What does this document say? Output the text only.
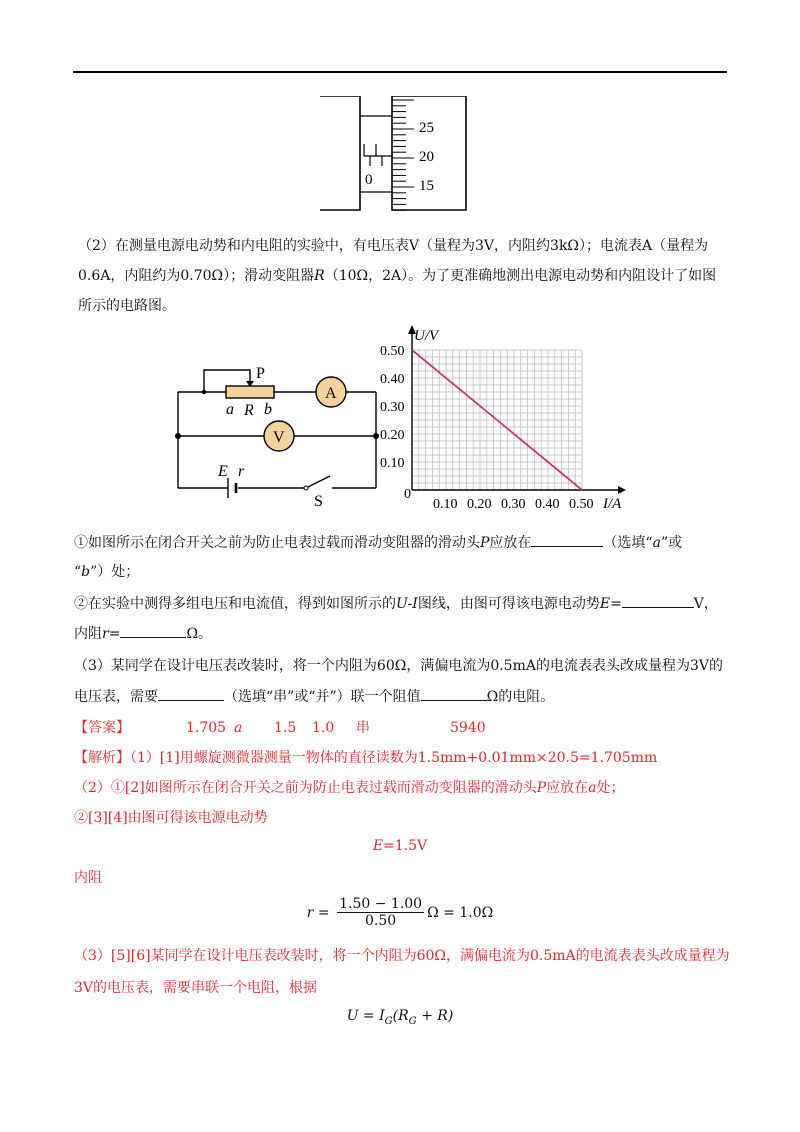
0
25
20
15
（2）在测量电源电动势和内电阻的实验中，有电压表V（量程为3V，内阻约3kΩ）；电流表A（量程为
0.6A，内阻约为0.70Ω）；滑动变阻器R（10Ω，2A）。为了更准确地测出电源电动势和内阻设计了如图
所示的电路图。
A
V
P
a R b
E r
S
0.50
0.40
0.30
0.20
0.10
0.10 0.20 0.30 0.40 0.50
U/V
I/A
0
①如图所示在闭合开关之前为防止电表过载而滑动变阻器的滑动头P应放在	（选填“a”或
“b”）处；
②在实验中测得多组电压和电流值，得到如图所示的U-I图线，由图可得该电源电动势E=	V，
内阻r=	Ω。
（3）某同学在设计电压表改装时，将一个内阻为60Ω，满偏电流为0.5mA的电流表表头改成量程为3V的
电压表，需要	（选填“串”或“并”）联一个阻值	Ω的电阻。
【答案】	1.705 a 1.5 1.0 串	5940
【解析】（1）[1]用螺旋测微器测量一物体的直径读数为1.5mm+0.01mm×20.5=1.705mm
（2）①[2]如图所示在闭合开关之前为防止电表过载而滑动变阻器的滑动头P应放在a处；
②[3][4]由图可得该电源电动势
E=1.5V
内阻
$r = \frac{1.50 - 1.00}{0.50}$ Ω = 1.0Ω
（3）[5][6]某同学在设计电压表改装时，将一个内阻为60Ω，满偏电流为0.5mA的电流表表头改成量程为
3V的电压表，需要串联一个电阻，根据
$U = I_G(R_G + R)$
